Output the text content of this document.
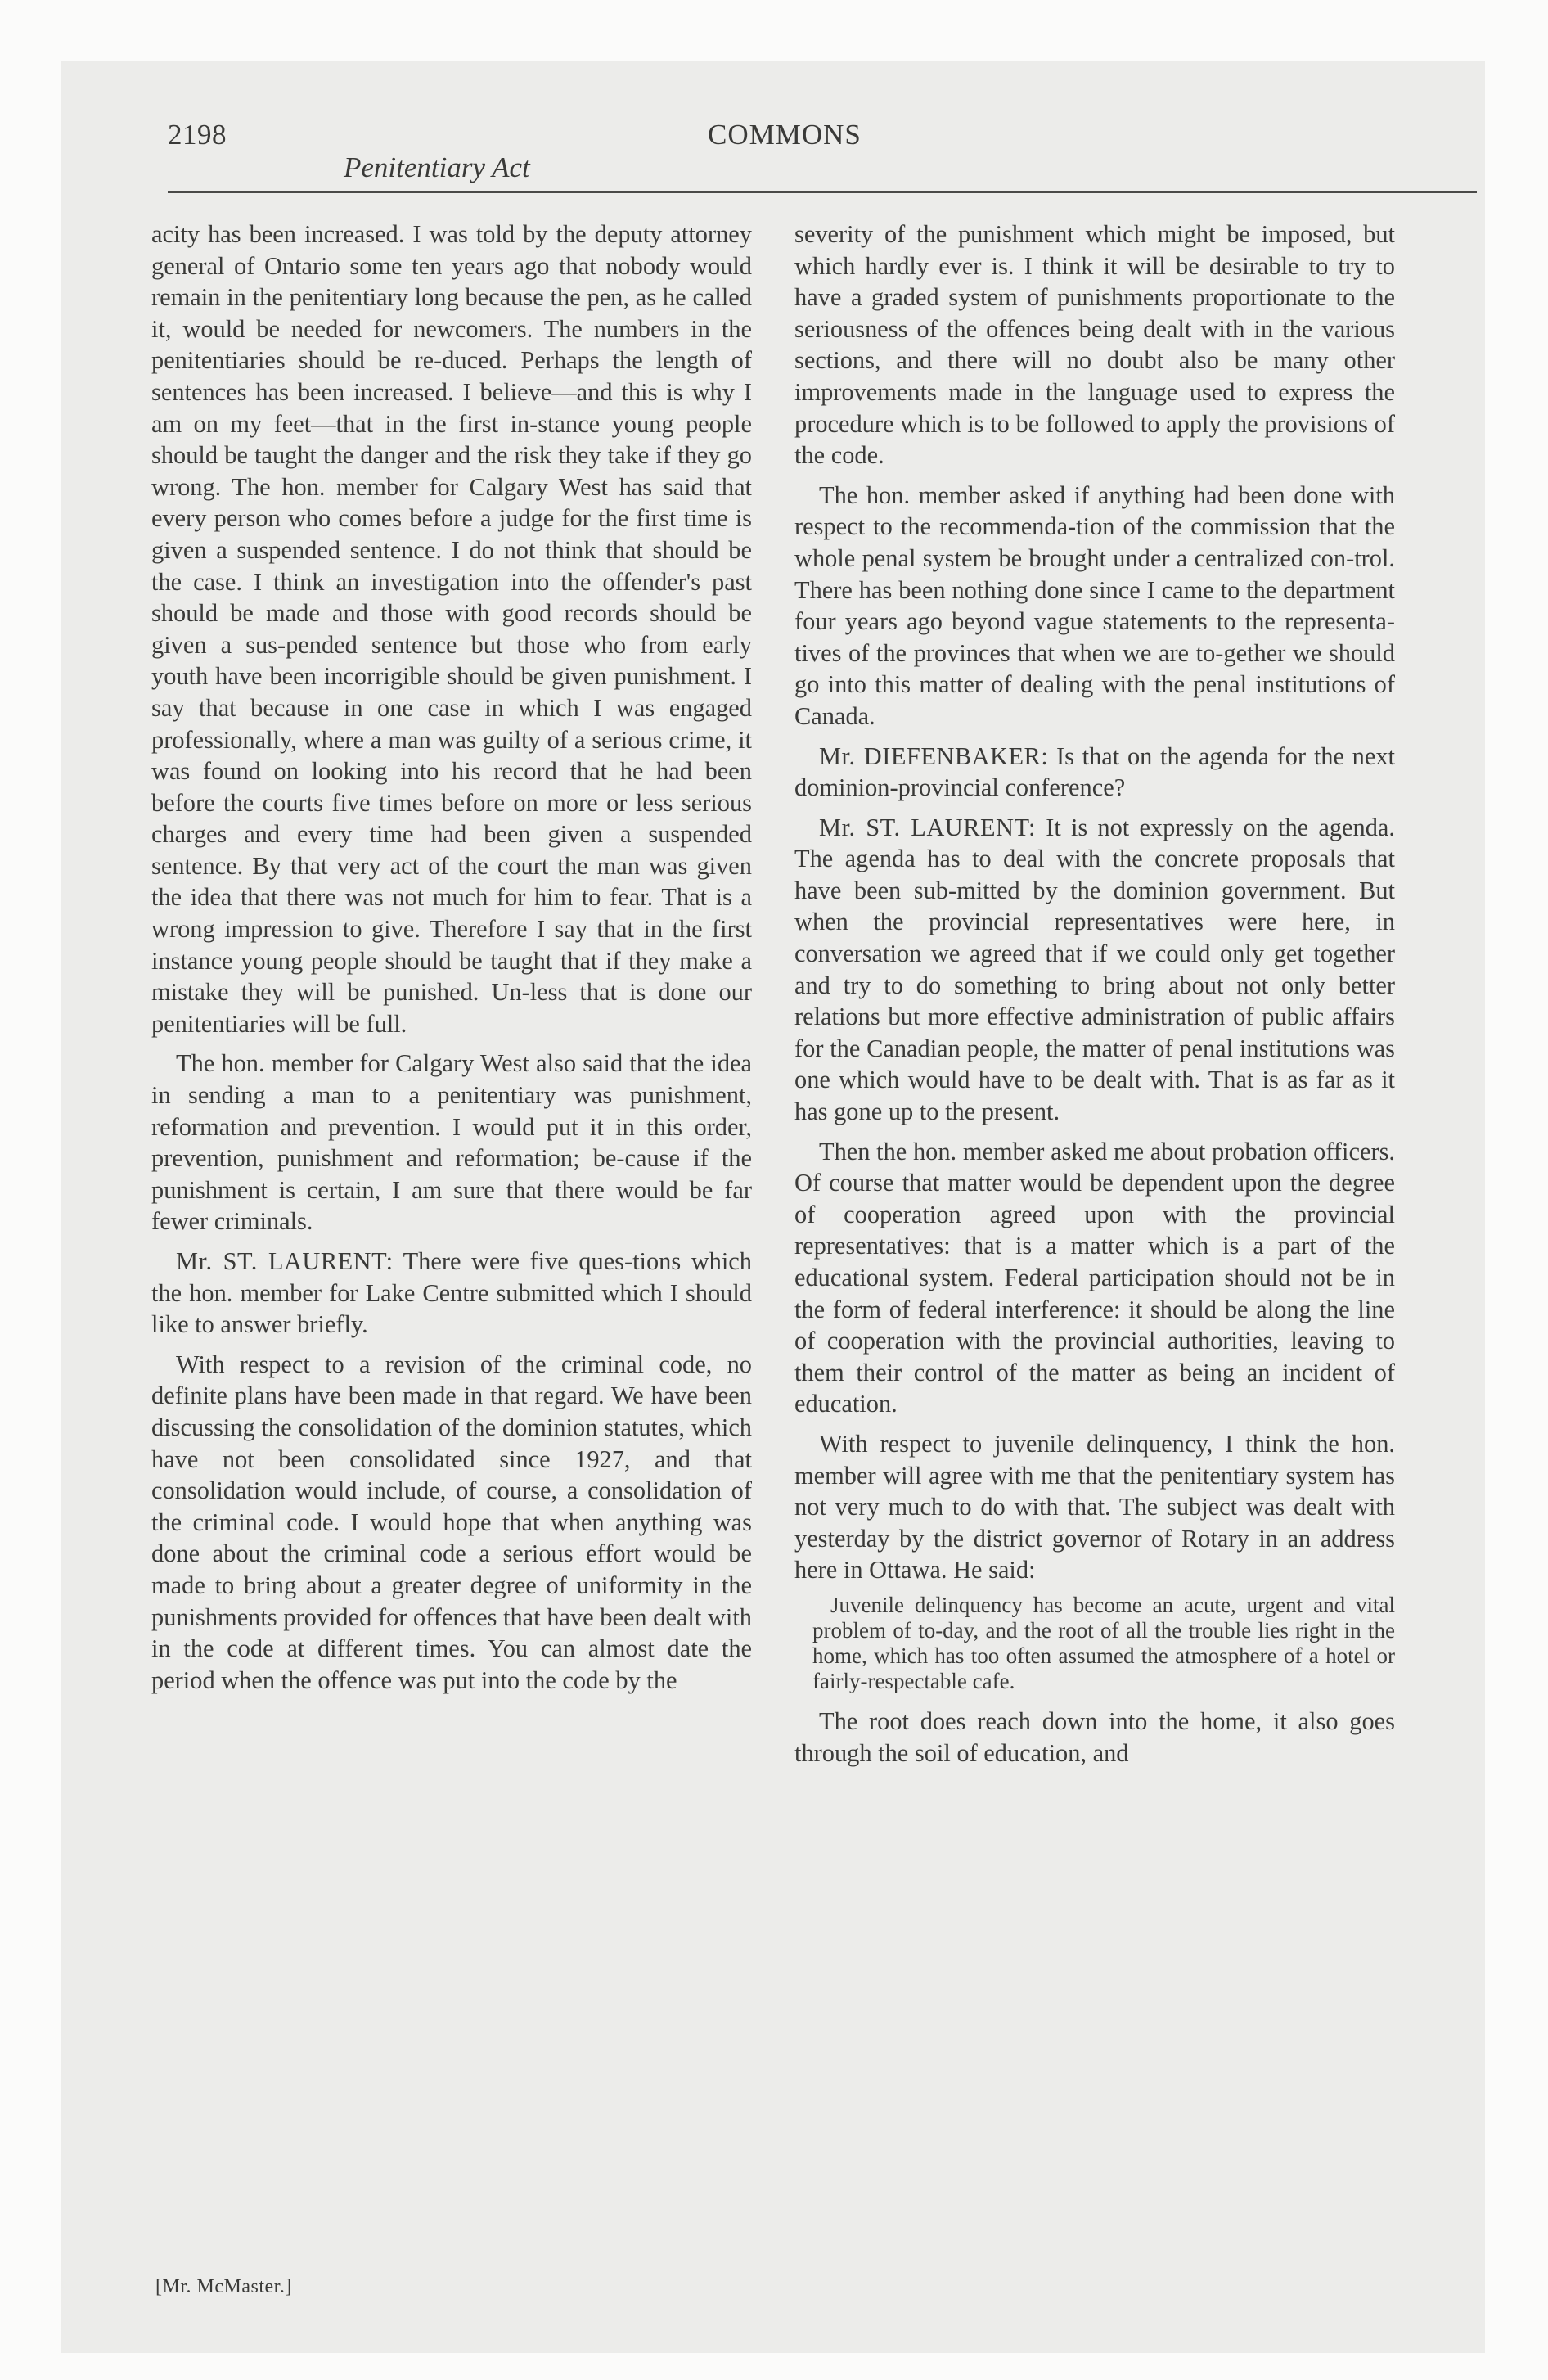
2198
Penitentiary Act
COMMONS

acity has been increased. I was told by the deputy attorney general of Ontario some ten years ago that nobody would remain in the penitentiary long because the pen, as he called it, would be needed for newcomers. The numbers in the penitentiaries should be re-duced. Perhaps the length of sentences has been increased. I believe—and this is why I am on my feet—that in the first in-stance young people should be taught the danger and the risk they take if they go wrong. The hon. member for Calgary West has said that every person who comes before a judge for the first time is given a suspended sentence. I do not think that should be the case. I think an investigation into the offender's past should be made and those with good records should be given a sus-pended sentence but those who from early youth have been incorrigible should be given punishment. I say that because in one case in which I was engaged professionally, where a man was guilty of a serious crime, it was found on looking into his record that he had been before the courts five times before on more or less serious charges and every time had been given a suspended sentence. By that very act of the court the man was given the idea that there was not much for him to fear. That is a wrong impression to give. Therefore I say that in the first instance young people should be taught that if they make a mistake they will be punished. Un-less that is done our penitentiaries will be full.

The hon. member for Calgary West also said that the idea in sending a man to a penitentiary was punishment, reformation and prevention. I would put it in this order, prevention, punishment and reformation; be-cause if the punishment is certain, I am sure that there would be far fewer criminals.

Mr. ST. LAURENT: There were five ques-tions which the hon. member for Lake Centre submitted which I should like to answer briefly.

With respect to a revision of the criminal code, no definite plans have been made in that regard. We have been discussing the consolidation of the dominion statutes, which have not been consolidated since 1927, and that consolidation would include, of course, a consolidation of the criminal code. I would hope that when anything was done about the criminal code a serious effort would be made to bring about a greater degree of uniformity in the punishments provided for offences that have been dealt with in the code at different times. You can almost date the period when the offence was put into the code by the

severity of the punishment which might be imposed, but which hardly ever is. I think it will be desirable to try to have a graded system of punishments proportionate to the seriousness of the offences being dealt with in the various sections, and there will no doubt also be many other improvements made in the language used to express the procedure which is to be followed to apply the provisions of the code.

The hon. member asked if anything had been done with respect to the recommenda-tion of the commission that the whole penal system be brought under a centralized con-trol. There has been nothing done since I came to the department four years ago beyond vague statements to the representa-tives of the provinces that when we are to-gether we should go into this matter of dealing with the penal institutions of Canada.

Mr. DIEFENBAKER: Is that on the agenda for the next dominion-provincial conference?

Mr. ST. LAURENT: It is not expressly on the agenda. The agenda has to deal with the concrete proposals that have been sub-mitted by the dominion government. But when the provincial representatives were here, in conversation we agreed that if we could only get together and try to do something to bring about not only better relations but more effective administration of public affairs for the Canadian people, the matter of penal institutions was one which would have to be dealt with. That is as far as it has gone up to the present.

Then the hon. member asked me about probation officers. Of course that matter would be dependent upon the degree of cooperation agreed upon with the provincial representatives: that is a matter which is a part of the educational system. Federal participation should not be in the form of federal interference: it should be along the line of cooperation with the provincial authorities, leaving to them their control of the matter as being an incident of education.

With respect to juvenile delinquency, I think the hon. member will agree with me that the penitentiary system has not very much to do with that. The subject was dealt with yesterday by the district governor of Rotary in an address here in Ottawa. He said:

Juvenile delinquency has become an acute, urgent and vital problem of to-day, and the root of all the trouble lies right in the home, which has too often assumed the atmosphere of a hotel or fairly-respectable cafe.

The root does reach down into the home, it also goes through the soil of education, and

[Mr. McMaster.]
